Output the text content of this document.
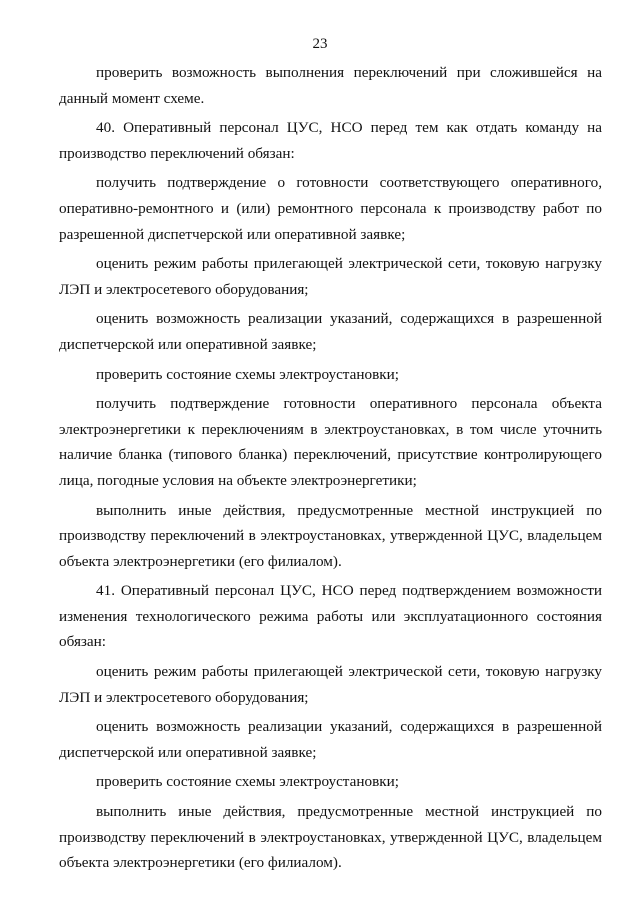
23

проверить возможность выполнения переключений при сложившейся на данный момент схеме.

40. Оперативный персонал ЦУС, НСО перед тем как отдать команду на производство переключений обязан:

получить подтверждение о готовности соответствующего оперативного, оперативно-ремонтного и (или) ремонтного персонала к производству работ по разрешенной диспетчерской или оперативной заявке;

оценить режим работы прилегающей электрической сети, токовую нагрузку ЛЭП и электросетевого оборудования;

оценить возможность реализации указаний, содержащихся в разрешенной диспетчерской или оперативной заявке;

проверить состояние схемы электроустановки;

получить подтверждение готовности оперативного персонала объекта электроэнергетики к переключениям в электроустановках, в том числе уточнить наличие бланка (типового бланка) переключений, присутствие контролирующего лица, погодные условия на объекте электроэнергетики;

выполнить иные действия, предусмотренные местной инструкцией по производству переключений в электроустановках, утвержденной ЦУС, владельцем объекта электроэнергетики (его филиалом).

41. Оперативный персонал ЦУС, НСО перед подтверждением возможности изменения технологического режима работы или эксплуатационного состояния обязан:

оценить режим работы прилегающей электрической сети, токовую нагрузку ЛЭП и электросетевого оборудования;

оценить возможность реализации указаний, содержащихся в разрешенной диспетчерской или оперативной заявке;

проверить состояние схемы электроустановки;

выполнить иные действия, предусмотренные местной инструкцией по производству переключений в электроустановках, утвержденной ЦУС, владельцем объекта электроэнергетики (его филиалом).
